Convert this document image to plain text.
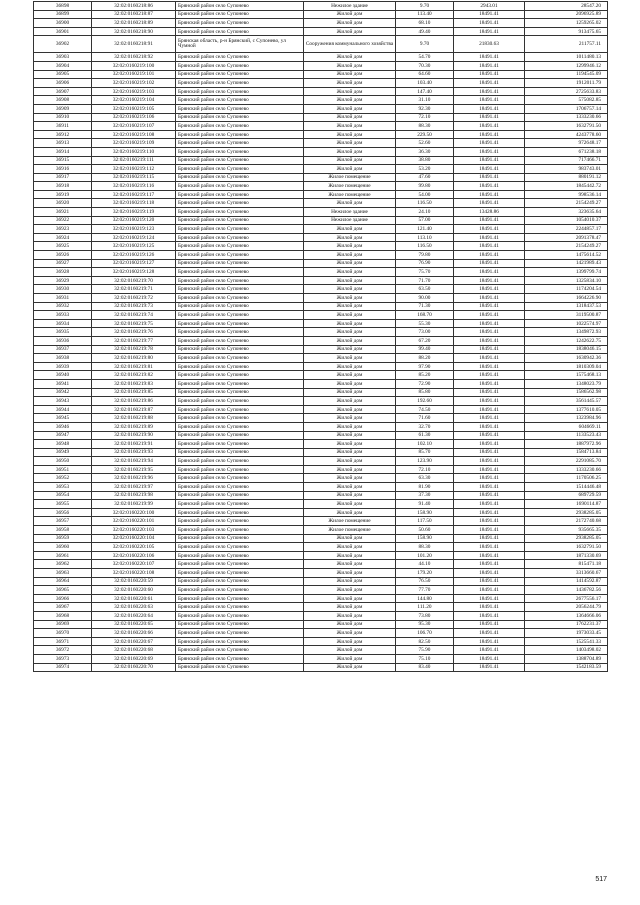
36898	32:02:0160218:86	Брянский район село Супонево	Нежилое здание	9.70	2943.01	28547.20
36899	32:02:0160218:87	Брянский район село Супонево	Жилой дом	113.40	18491.41	2096925.89
36900	32:02:0160218:89	Брянский район село Супонево	Жилой дом	68.10	18491.41	1259265.02
36901	32:02:0160218:90	Брянский район село Супонево	Жилой дом	49.40	18491.41	913475.65
36902	32:02:0160218:91	Брянская область, р-н Брянский, с Супонево, ул Чумной	Сооружения коммунального хозяйства	9.70	21830.63	211757.11
36903	32:02:0160218:92	Брянский район село Супонево	Жилой дом	54.70	18491.41	1011480.13
36904	32:02:0160219:100	Брянский район село Супонево	Жилой дом	70.30	18491.41	1299946.12
36905	32:02:0160219:101	Брянский район село Супонево	Жилой дом	64.60	18491.41	1194545.09
36906	32:02:0160219:102	Брянский район село Супонево	Жилой дом	103.40	18491.41	1912011.79
36907	32:02:0160219:103	Брянский район село Супонево	Жилой дом	147.40	18491.41	2725633.83
36908	32:02:0160219:104	Брянский район село Супонево	Жилой дом	31.10	18491.41	575082.85
36909	32:02:0160219:105	Брянский район село Супонево	Жилой дом	92.30	18491.41	1706757.14
36910	32:02:0160219:106	Брянский район село Супонево	Жилой дом	72.10	18491.41	1333230.66
36911	32:02:0160219:107	Брянский район село Супонево	Жилой дом	88.30	18491.41	1632791.50
36912	32:02:0160219:108	Брянский район село Супонево	Жилой дом	229.50	18491.41	4243778.60
36913	32:02:0160219:109	Брянский район село Супонево	Жилой дом	52.60	18491.41	972648.17
36914	32:02:0160219:110	Брянский район село Супонево	Жилой дом	36.30	18491.41	671238.18
36915	32:02:0160219:111	Брянский район село Супонево	Жилой дом	38.80	18491.41	717466.71
36916	32:02:0160219:112	Брянский район село Супонево	Жилой дом	53.20	18491.41	983743.01
36917	32:02:0160219:115	Брянский район село Супонево	Жилое помещение	47.60	18491.41	880191.12
36918	32:02:0160219:116	Брянский район село Супонево	Жилое помещение	99.80	18491.41	1845442.72
36919	32:02:0160219:117	Брянский район село Супонево	Жилое помещение	54.00	18491.41	998536.14
36920	32:02:0160219:118	Брянский район село Супонево	Жилой дом	116.50	18491.41	2154249.27
36921	32:02:0160219:119	Брянский район село Супонево	Нежилое здание	24.10	13428.86	323635.64
36922	32:02:0160219:120	Брянский район село Супонево	Нежилое здание	57.00	18491.41	1054010.37
36923	32:02:0160219:123	Брянский район село Супонево	Жилой дом	121.40	18491.41	2244857.17
36924	32:02:0160219:124	Брянский район село Супонево	Жилой дом	113.10	18491.41	2091378.47
36925	32:02:0160219:125	Брянский район село Супонево	Жилой дом	116.50	18491.41	2154249.27
36926	32:02:0160219:126	Брянский район село Супонево	Жилой дом	79.80	18491.41	1475614.52
36927	32:02:0160219:127	Брянский район село Супонево	Жилой дом	76.90	18491.41	1421989.43
36928	32:02:0160219:128	Брянский район село Супонево	Жилой дом	75.70	18491.41	1399799.74
36929	32:02:0160219:70	Брянский район село Супонево	Жилой дом	71.70	18491.41	1325834.10
36930	32:02:0160219:71	Брянский район село Супонево	Жилой дом	63.50	18491.41	1174204.54
36931	32:02:0160219:72	Брянский район село Супонево	Жилой дом	90.00	18491.41	1664226.90
36932	32:02:0160219:73	Брянский район село Супонево	Жилой дом	71.30	18491.41	1318437.53
36933	32:02:0160219:74	Брянский район село Супонево	Жилой дом	168.70	18491.41	3119500.87
36934	32:02:0160219:75	Брянский район село Супонево	Жилой дом	55.30	18491.41	1022574.97
36935	32:02:0160219:76	Брянский район село Супонево	Жилой дом	73.00	18491.41	1349872.93
36936	32:02:0160219:77	Брянский район село Супонево	Жилой дом	67.20	18491.41	1242622.75
36937	32:02:0160219:78	Брянский район село Супонево	Жилой дом	99.40	18491.41	1838046.15
36938	32:02:0160219:80	Брянский район село Супонево	Жилой дом	88.20	18491.41	1630942.36
36939	32:02:0160219:81	Брянский район село Супонево	Жилой дом	97.90	18491.41	1810309.04
36940	32:02:0160219:82	Брянский район село Супонево	Жилой дом	85.20	18491.41	1575468.13
36941	32:02:0160219:83	Брянский район село Супонево	Жилой дом	72.90	18491.41	1348023.79
36942	32:02:0160219:85	Брянский район село Супонево	Жилой дом	85.80	18491.41	1586562.98
36943	32:02:0160219:86	Брянский район село Супонево	Жилой дом	192.60	18491.41	3561445.57
36944	32:02:0160219:87	Брянский район село Супонево	Жилой дом	74.50	18491.41	1377610.05
36945	32:02:0160219:88	Брянский район село Супонево	Жилой дом	71.60	18491.41	1323984.96
36946	32:02:0160219:89	Брянский район село Супонево	Жилой дом	32.70	18491.41	604669.11
36947	32:02:0160219:90	Брянский район село Супонево	Жилой дом	61.30	18491.41	1133523.43
36948	32:02:0160219:91	Брянский район село Супонево	Жилой дом	102.10	18491.41	1887972.96
36949	32:02:0160219:93	Брянский район село Супонево	Жилой дом	85.70	18491.41	1584713.84
36950	32:02:0160219:94	Брянский район село Супонево	Жилой дом	123.90	18491.41	2291085.70
36951	32:02:0160219:95	Брянский район село Супонево	Жилой дом	72.10	18491.41	1333230.66
36952	32:02:0160219:96	Брянский район село Супонево	Жилой дом	63.30	18491.41	1170506.25
36953	32:02:0160219:97	Брянский район село Супонево	Жилой дом	81.90	18491.41	1514446.48
36954	32:02:0160219:98	Брянский район село Супонево	Жилой дом	37.30	18491.41	689729.59
36955	32:02:0160219:99	Брянский район село Супонево	Жилой дом	91.40	18491.41	1690114.87
36956	32:02:0160220:100	Брянский район село Супонево	Жилой дом	158.90	18491.41	2938285.05
36957	32:02:0160220:101	Брянский район село Супонево	Жилое помещение	117.50	18491.41	2172740.68
36958	32:02:0160220:103	Брянский район село Супонево	Жилое помещение	50.60	18491.41	935665.35
36959	32:02:0160220:104	Брянский район село Супонево	Жилой дом	158.90	18491.41	2938285.05
36960	32:02:0160220:105	Брянский район село Супонево	Жилой дом	88.30	18491.41	1632791.50
36961	32:02:0160220:106	Брянский район село Супонево	Жилой дом	101.20	18491.41	1871330.69
36962	32:02:0160220:107	Брянский район село Супонево	Жилой дом	44.10	18491.41	815471.18
36963	32:02:0160220:108	Брянский район село Супонево	Жилой дом	179.20	18491.41	3313660.67
36964	32:02:0160220:59	Брянский район село Супонево	Жилой дом	76.50	18491.41	1414592.87
36965	32:02:0160220:60	Брянский район село Супонево	Жилой дом	77.70	18491.41	1436782.56
36966	32:02:0160220:61	Брянский район село Супонево	Жилой дом	144.80	18491.41	2677556.17
36967	32:02:0160220:63	Брянский район село Супонево	Жилой дом	111.20	18491.41	2056244.79
36968	32:02:0160220:64	Брянский район село Супонево	Жилой дом	73.80	18491.41	1364666.06
36969	32:02:0160220:65	Брянский район село Супонево	Жилой дом	95.30	18491.41	1762231.37
36970	32:02:0160220:66	Брянский район село Супонево	Жилой дом	106.70	18491.41	1973033.45
36971	32:02:0160220:67	Брянский район село Супонево	Жилой дом	82.50	18491.41	1525541.33
36972	32:02:0160220:68	Брянский район село Супонево	Жилой дом	75.90	18491.41	1403498.02
36973	32:02:0160220:69	Брянский район село Супонево	Жилой дом	75.10	18491.41	1388704.89
36974	32:02:0160220:70	Брянский район село Супонево	Жилой дом	83.40	18491.41	1542183.59
517
